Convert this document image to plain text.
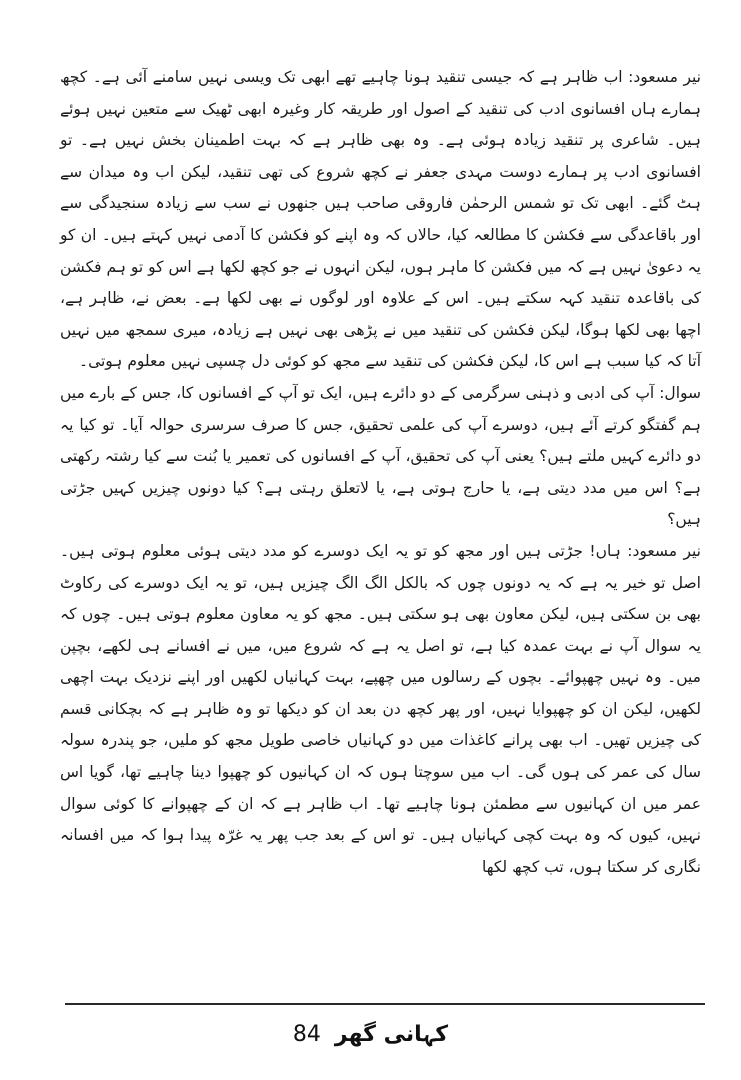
نیر مسعود: اب ظاہر ہے کہ جیسی تنقید ہونا چاہیے تھے ابھی تک ویسی نہیں سامنے آئی ہے۔ کچھ ہمارے ہاں افسانوی ادب کی تنقید کے اصول اور طریقہ کار وغیرہ ابھی ٹھیک سے متعین نہیں ہوئے ہیں۔ شاعری پر تنقید زیادہ ہوئی ہے۔ وہ بھی ظاہر ہے کہ بہت اطمینان بخش نہیں ہے۔ تو افسانوی ادب پر ہمارے دوست مہدی جعفر نے کچھ شروع کی تھی تنقید، لیکن اب وہ میدان سے ہٹ گئے۔ ابھی تک تو شمس الرحمٰن فاروقی صاحب ہیں جنھوں نے سب سے زیادہ سنجیدگی سے اور باقاعدگی سے فکشن کا مطالعہ کیا، حالاں کہ وہ اپنے کو فکشن کا آدمی نہیں کہتے ہیں۔ ان کو یہ دعویٰ نہیں ہے کہ میں فکشن کا ماہر ہوں، لیکن انہوں نے جو کچھ لکھا ہے اس کو تو ہم فکشن کی باقاعدہ تنقید کہہ سکتے ہیں۔ اس کے علاوہ اور لوگوں نے بھی لکھا ہے۔ بعض نے، ظاہر ہے، اچھا بھی لکھا ہوگا، لیکن فکشن کی تنقید میں نے پڑھی بھی نہیں ہے زیادہ، میری سمجھ میں نہیں آتا کہ کیا سبب ہے اس کا، لیکن فکشن کی تنقید سے مجھ کو کوئی دل چسپی نہیں معلوم ہوتی۔

سوال: آپ کی ادبی و ذہنی سرگرمی کے دو دائرے ہیں، ایک تو آپ کے افسانوں کا، جس کے بارے میں ہم گفتگو کرتے آئے ہیں، دوسرے آپ کی علمی تحقیق، جس کا صرف سرسری حوالہ آیا۔ تو کیا یہ دو دائرے کہیں ملتے ہیں؟ یعنی آپ کی تحقیق، آپ کے افسانوں کی تعمیر یا بُنت سے کیا رشتہ رکھتی ہے؟ اس میں مدد دیتی ہے، یا حارج ہوتی ہے، یا لاتعلق رہتی ہے؟ کیا دونوں چیزیں کہیں جڑتی ہیں؟

نیر مسعود: ہاں! جڑتی ہیں اور مجھ کو تو یہ ایک دوسرے کو مدد دیتی ہوئی معلوم ہوتی ہیں۔ اصل تو خیر یہ ہے کہ یہ دونوں چوں کہ بالکل الگ الگ چیزیں ہیں، تو یہ ایک دوسرے کی رکاوٹ بھی بن سکتی ہیں، لیکن معاون بھی ہو سکتی ہیں۔ مجھ کو یہ معاون معلوم ہوتی ہیں۔ چوں کہ یہ سوال آپ نے بہت عمدہ کیا ہے، تو اصل یہ ہے کہ شروع میں، میں نے افسانے ہی لکھے، بچپن میں۔ وہ نہیں چھپوائے۔ بچوں کے رسالوں میں چھپے، بہت کہانیاں لکھیں اور اپنے نزدیک بہت اچھی لکھیں، لیکن ان کو چھپوایا نہیں، اور پھر کچھ دن بعد ان کو دیکھا تو وہ ظاہر ہے کہ بچکانی قسم کی چیزیں تھیں۔ اب بھی پرانے کاغذات میں دو کہانیاں خاصی طویل مجھ کو ملیں، جو پندرہ سولہ سال کی عمر کی ہوں گی۔ اب میں سوچتا ہوں کہ ان کہانیوں کو چھپوا دینا چاہیے تھا، گویا اس عمر میں ان کہانیوں سے مطمئن ہونا چاہیے تھا۔ اب ظاہر ہے کہ ان کے چھپوانے کا کوئی سوال نہیں، کیوں کہ وہ بہت کچی کہانیاں ہیں۔ تو اس کے بعد جب پھر یہ غرّہ پیدا ہوا کہ میں افسانہ نگاری کر سکتا ہوں، تب کچھ لکھا

84 کہانی گھر
